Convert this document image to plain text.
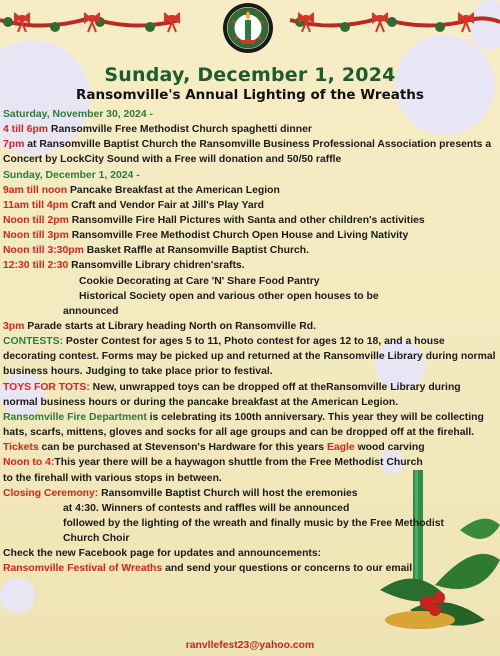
Sunday, December 1, 2024
Ransomville's Annual Lighting of the Wreaths
Saturday, November 30, 2024 -
4 till 6pm Ransomville Free Methodist Church spaghetti dinner
7pm at Ransomville Baptist Church the Ransomville Business Professional Association presents a Concert by LockCity Sound with a Free will donation and 50/50 raffle
Sunday, December 1, 2024 -
9am till noon Pancake Breakfast at the American Legion
11am till 4pm Craft and Vendor Fair at Jill's Play Yard
Noon till 2pm Ransomville Fire Hall Pictures with Santa and other children's activities
Noon till 3pm Ransomville Free Methodist Church Open House and Living Nativity
Noon till 3:30pm Basket Raffle at Ransomville Baptist Church.
12:30 till 2:30 Ransomville Library chidren'srafts.
Cookie Decorating at Care 'N' Share Food Pantry
Historical Society open and various other open houses to be
announced
3pm Parade starts at Library heading North on Ransomville Rd.
CONTESTS: Poster Contest for ages 5 to 11, Photo contest for ages 12 to 18, and a house decorating contest. Forms may be picked up and returned at the Ransomville Library during normal business hours. Judging to take place prior to festival.
TOYS FOR TOTS: New, unwrapped toys can be dropped off at theRansomville Library during normal business hours or during the pancake breakfast at the American Legion.
Ransomville Fire Department is celebrating its 100th anniversary. This year they will be collecting hats, scarfs, mittens, gloves and socks for all age groups and can be dropped off at the firehall.
Tickets can be purchased at Stevenson's Hardware for this years Eagle wood carving
Noon to 4:This year there will be a haywagon shuttle from the Free Methodist Church to the firehall with various stops in between.
Closing Ceremony: Ransomville Baptist Church will host the eremonies
at 4:30. Winners of contests and raffles will be announced
followed by the lighting of the wreath and finally music by the Free Methodist
Church Choir
Check the new Facebook page for updates and announcements:
Ransomville Festival of Wreaths and send your questions or concerns to our email
ranvllefest23@yahoo.com
